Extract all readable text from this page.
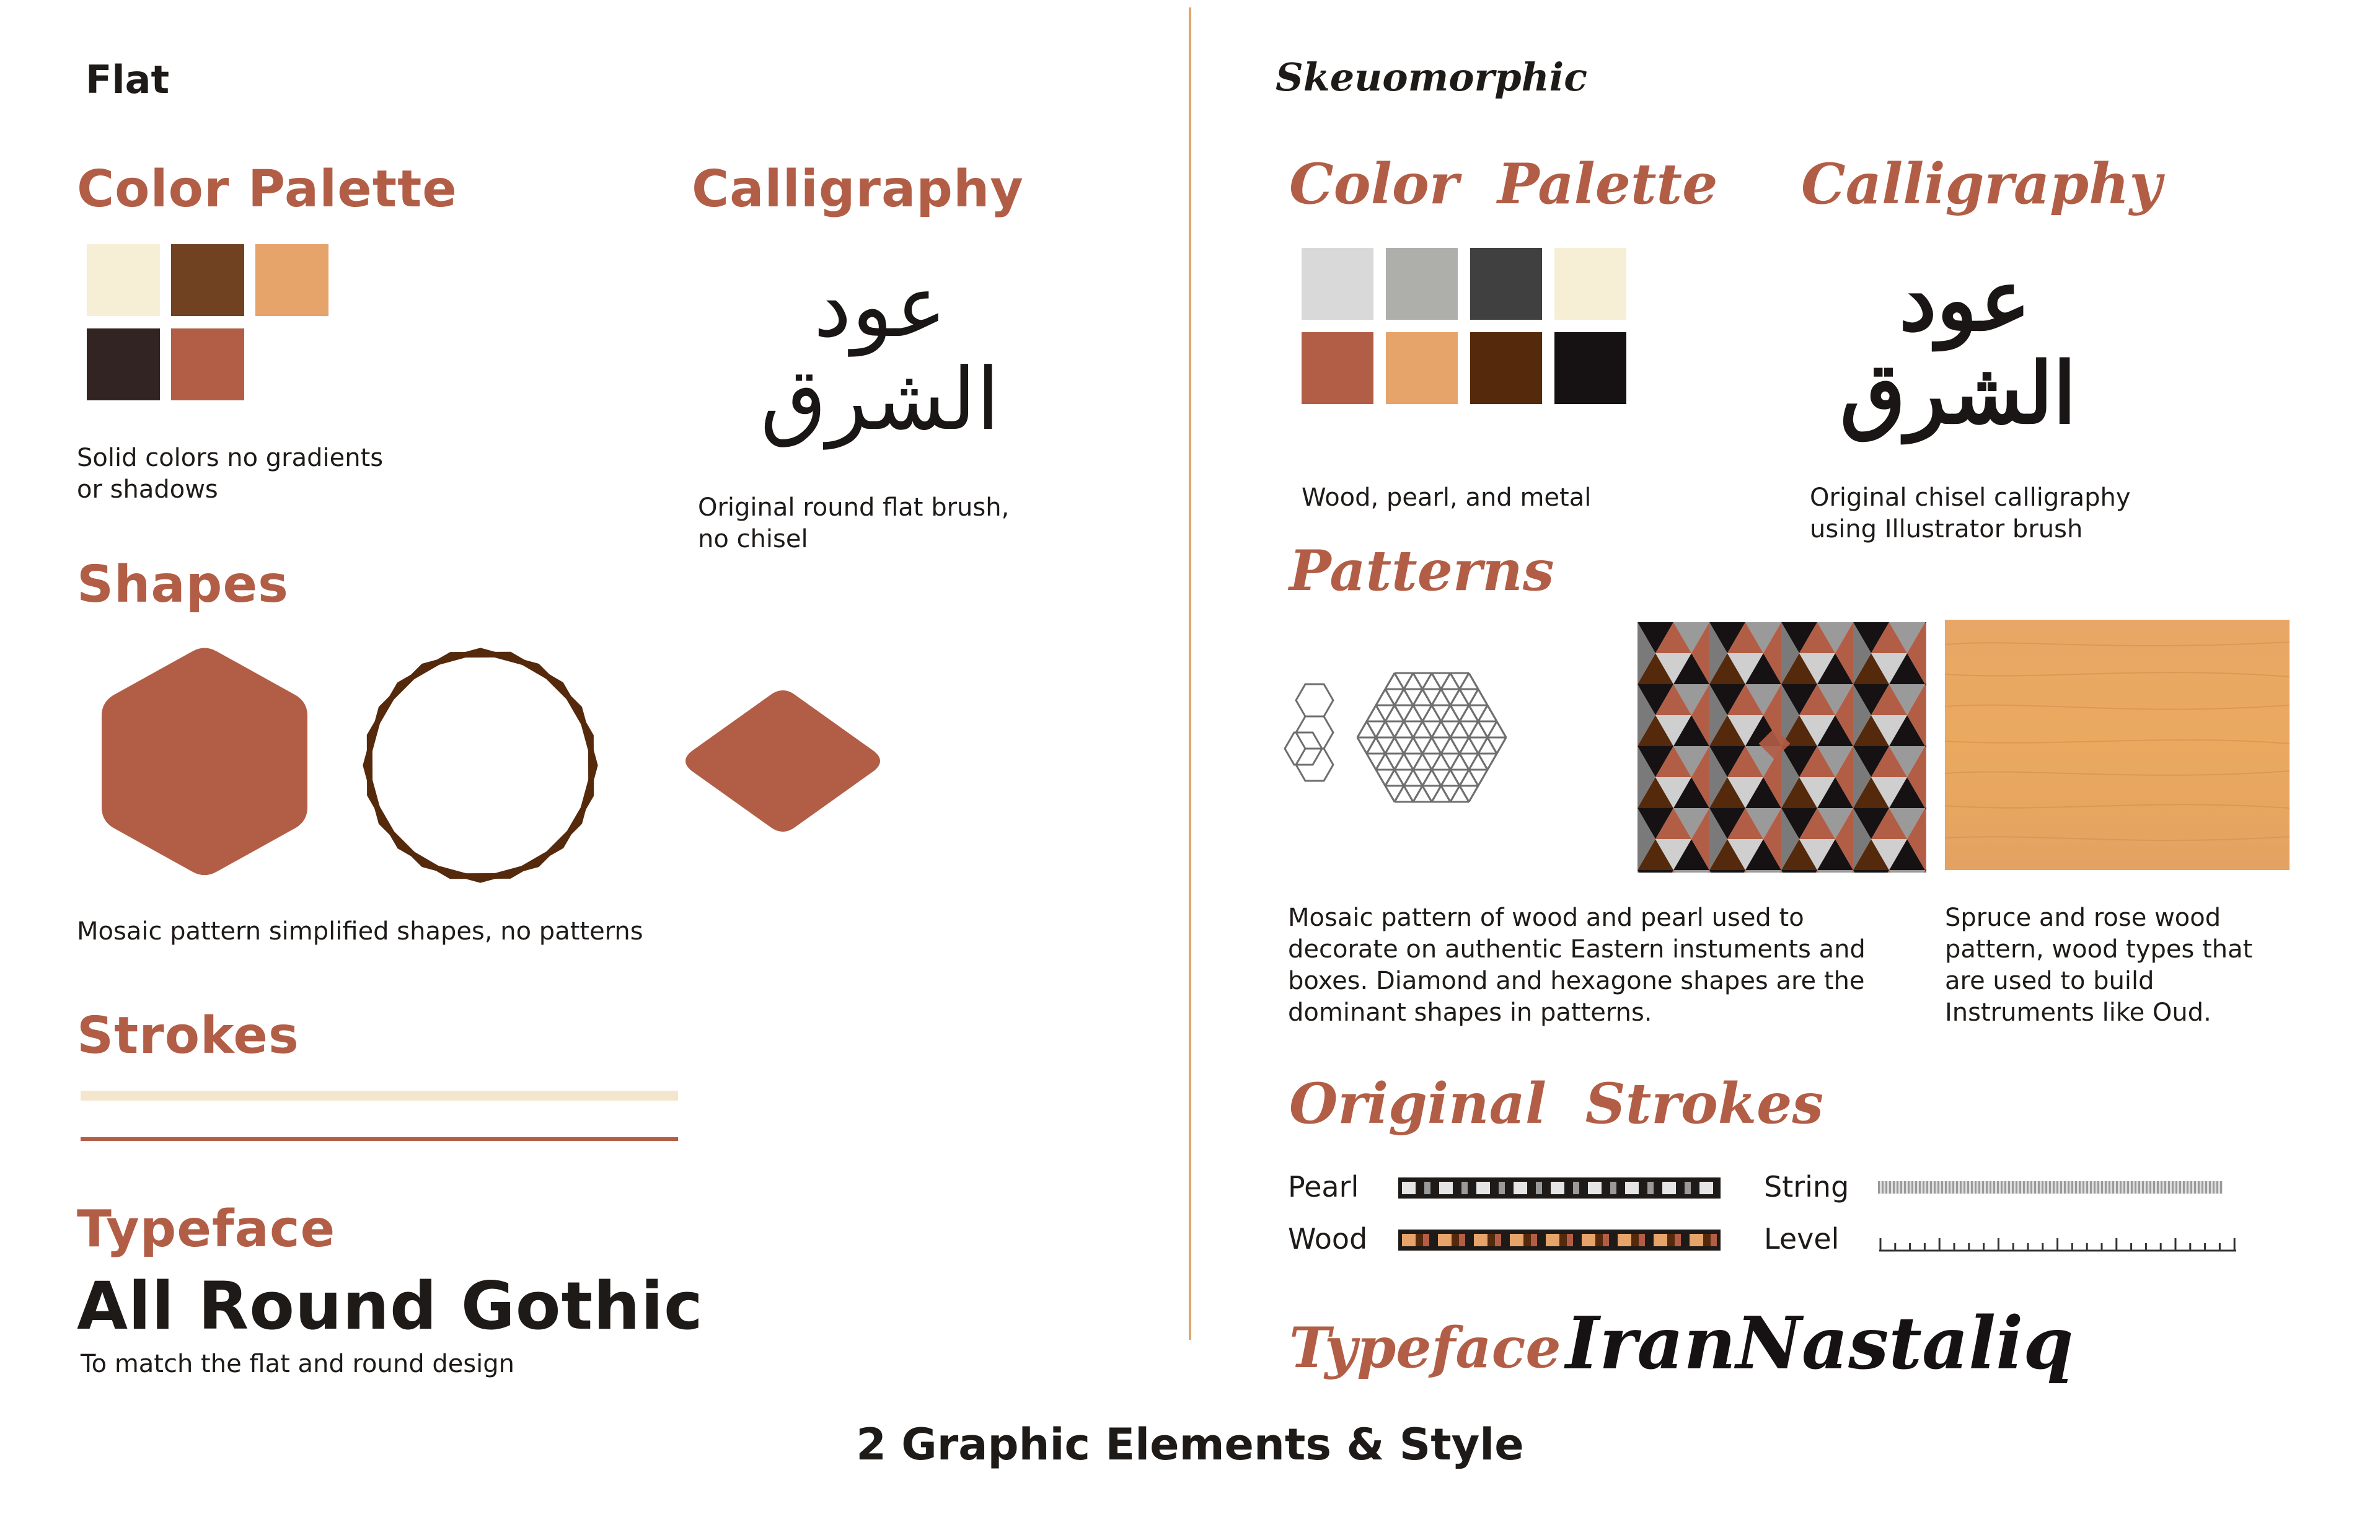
Flat
Color Palette
Solid colors no gradients
or shadows
Calligraphy
عود الشرق
Original round flat brush,
no chisel
Shapes
Mosaic pattern simplified shapes, no patterns
Strokes
Typeface
All Round Gothic
To match the flat and round design
Skeuomorphic
Color  Palette
Wood, pearl, and metal
Calligraphy
عود الشرق
Original chisel calligraphy
using Illustrator brush
Patterns
Mosaic pattern of wood and pearl used to
decorate on authentic Eastern instuments and
boxes. Diamond and hexagone shapes are the
dominant shapes in patterns.
Spruce and rose wood
pattern, wood types that
are used to build
Instruments like Oud.
Original  Strokes
Pearl
Wood
String
Level
Typeface IranNastaliq
2 Graphic Elements & Style
